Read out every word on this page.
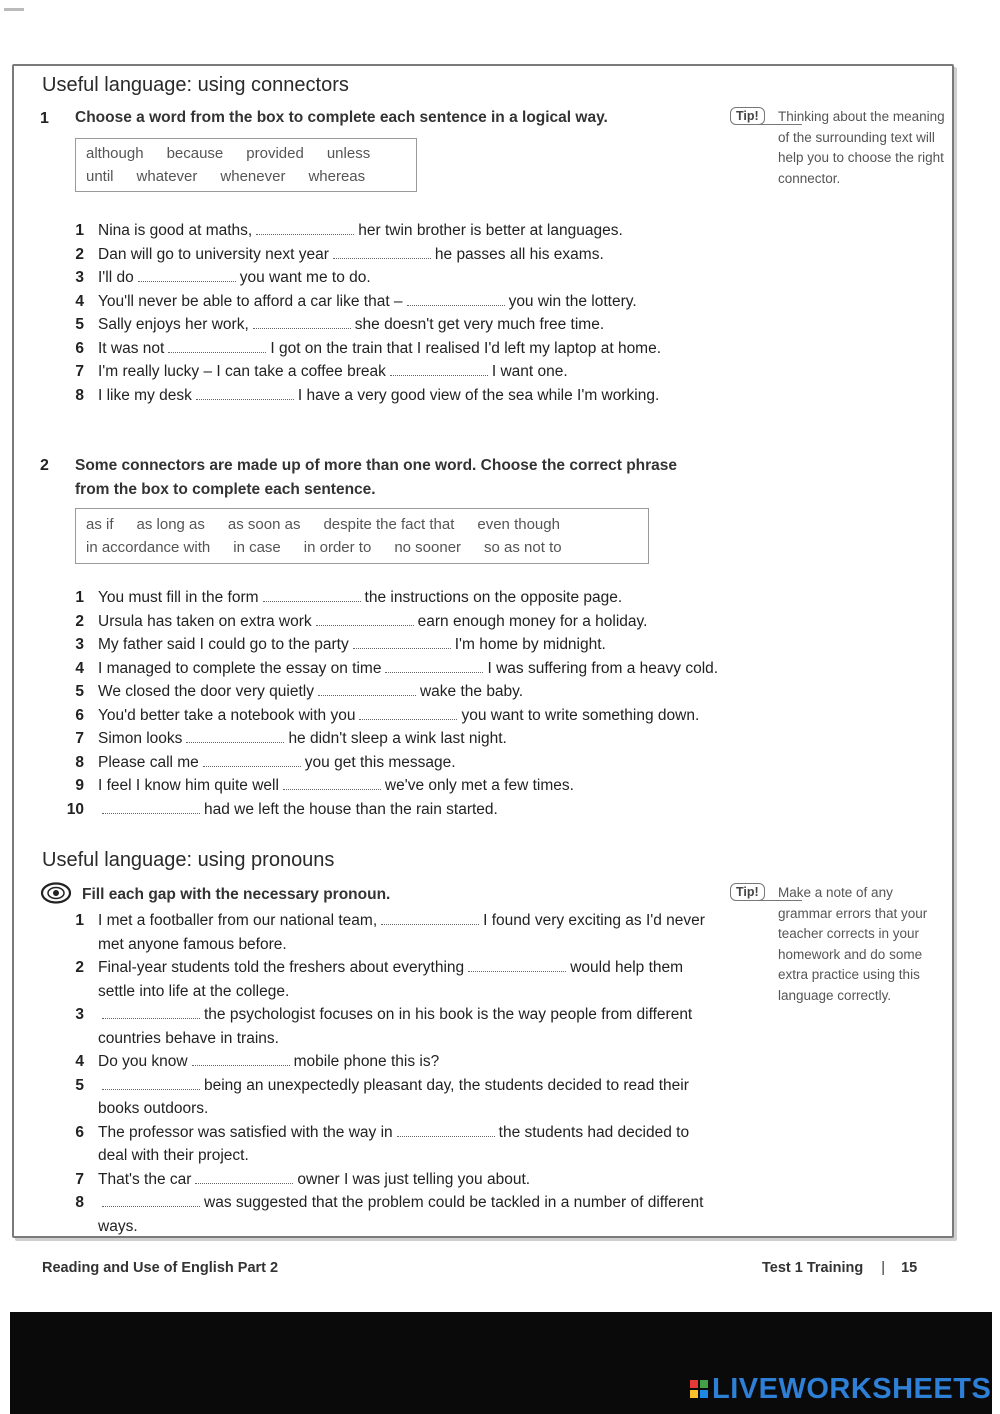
Useful language: using connectors
1 Choose a word from the box to complete each sentence in a logical way.
although because provided unless
until whatever whenever whereas
Tip!	Thinking about the meaning of the surrounding text will help you to choose the right connector.
1 Nina is good at maths,	her twin brother is better at languages.
2 Dan will go to university next year	he passes all his exams.
3 I'll do	you want me to do.
4 You'll never be able to afford a car like that –	you win the lottery.
5 Sally enjoys her work,	she doesn't get very much free time.
6 It was not	I got on the train that I realised I'd left my laptop at home.
7 I'm really lucky – I can take a coffee break	I want one.
8 I like my desk	I have a very good view of the sea while I'm working.
2 Some connectors are made up of more than one word. Choose the correct phrase
from the box to complete each sentence.
as if as long as as soon as despite the fact that even though
in accordance with in case in order to no sooner so as not to
1 You must fill in the form	the instructions on the opposite page.
2 Ursula has taken on extra work	earn enough money for a holiday.
3 My father said I could go to the party	I'm home by midnight.
4 I managed to complete the essay on time	I was suffering from a heavy cold.
5 We closed the door very quietly	wake the baby.
6 You'd better take a notebook with you	you want to write something down.
7 Simon looks	he didn't sleep a wink last night.
8 Please call me	you get this message.
9 I feel I know him quite well	we've only met a few times.
10	had we left the house than the rain started.
Useful language: using pronouns
Fill each gap with the necessary pronoun.	Tip!	Make a note of any grammar errors that your teacher corrects in your homework and do some extra practice using this language correctly.
1 I met a footballer from our national team,	I found very exciting as I'd never met anyone famous before.
2 Final-year students told the freshers about everything	would help them settle into life at the college.
3	the psychologist focuses on in his book is the way people from different countries behave in trains.
4 Do you know	mobile phone this is?
5	being an unexpectedly pleasant day, the students decided to read their books outdoors.
6 The professor was satisfied with the way in	the students had decided to deal with their project.
7 That's the car	owner I was just telling you about.
8	was suggested that the problem could be tackled in a number of different ways.
Reading and Use of English Part 2	Test 1 Training | 15
LIVEWORKSHEETS
